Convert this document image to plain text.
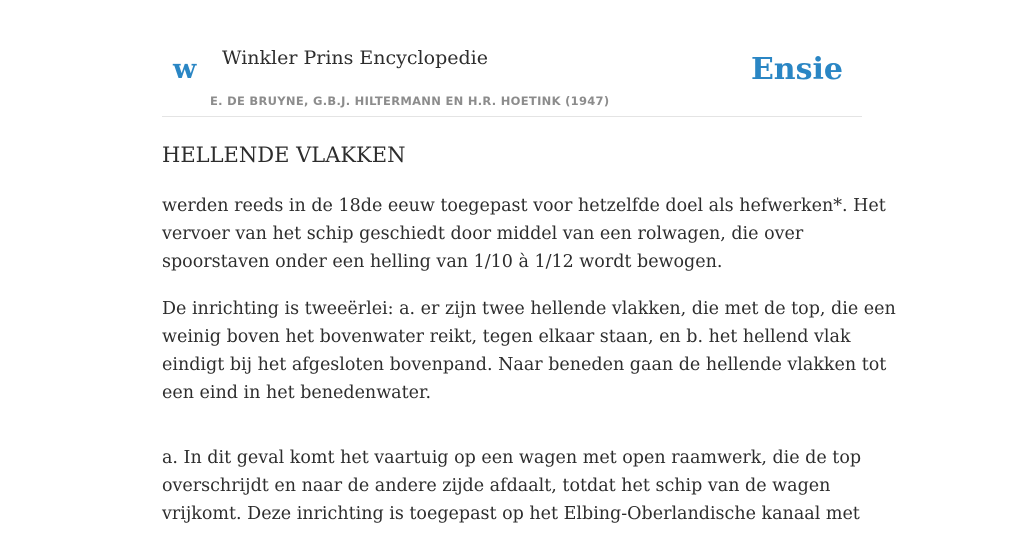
w Winkler Prins Encyclopedie
E. DE BRUYNE, G.B.J. HILTERMANN EN H.R. HOETINK (1947)
Ensie
HELLENDE VLAKKEN

werden reeds in de 18de eeuw toegepast voor hetzelfde doel als hefwerken*. Het
vervoer van het schip geschiedt door middel van een rolwagen, die over
spoorstaven onder een helling van 1/10 à 1/12 wordt bewogen.

De inrichting is tweeërlei: a. er zijn twee hellende vlakken, die met de top, die een
weinig boven het bovenwater reikt, tegen elkaar staan, en b. het hellend vlak
eindigt bij het afgesloten bovenpand. Naar beneden gaan de hellende vlakken tot
een eind in het benedenwater.

a. In dit geval komt het vaartuig op een wagen met open raamwerk, die de top
overschrijdt en naar de andere zijde afdaalt, totdat het schip van de wagen
vrijkomt. Deze inrichting is toegepast op het Elbing-Oberlandische kanaal met
